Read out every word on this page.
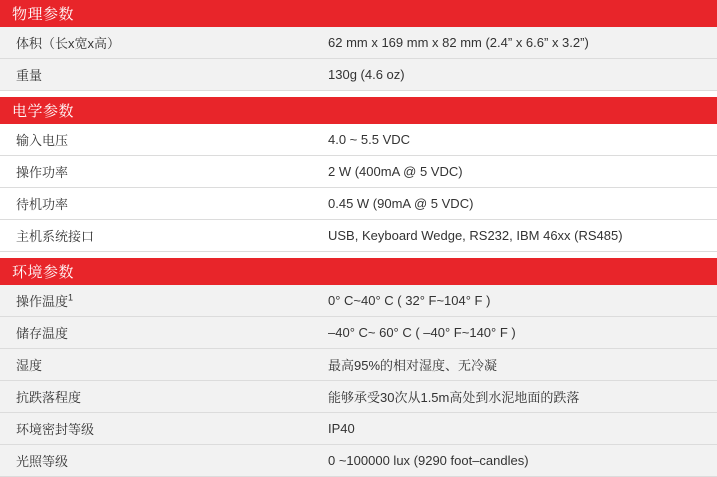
物理参数	
体积（长x宽x高）	62 mm x 169 mm x 82 mm (2.4” x 6.6” x 3.2”)
重量	130g (4.6 oz)

电学参数	
输入电压	4.0 ~ 5.5 VDC
操作功率	2 W (400mA @ 5 VDC)
待机功率	0.45 W (90mA @ 5 VDC)
主机系统接口	USB, Keyboard Wedge, RS232, IBM 46xx (RS485)

环境参数	
操作温度$^1$	0° C~40° C ( 32° F~104° F )
储存温度	–40° C~ 60° C ( –40° F~140° F )
湿度	最高95%的相对湿度、无冷凝
抗跌落程度	能够承受30次从1.5m高处到水泥地面的跌落
环境密封等级	IP40
光照等级	0 ~100000 lux (9290 foot–candles)
